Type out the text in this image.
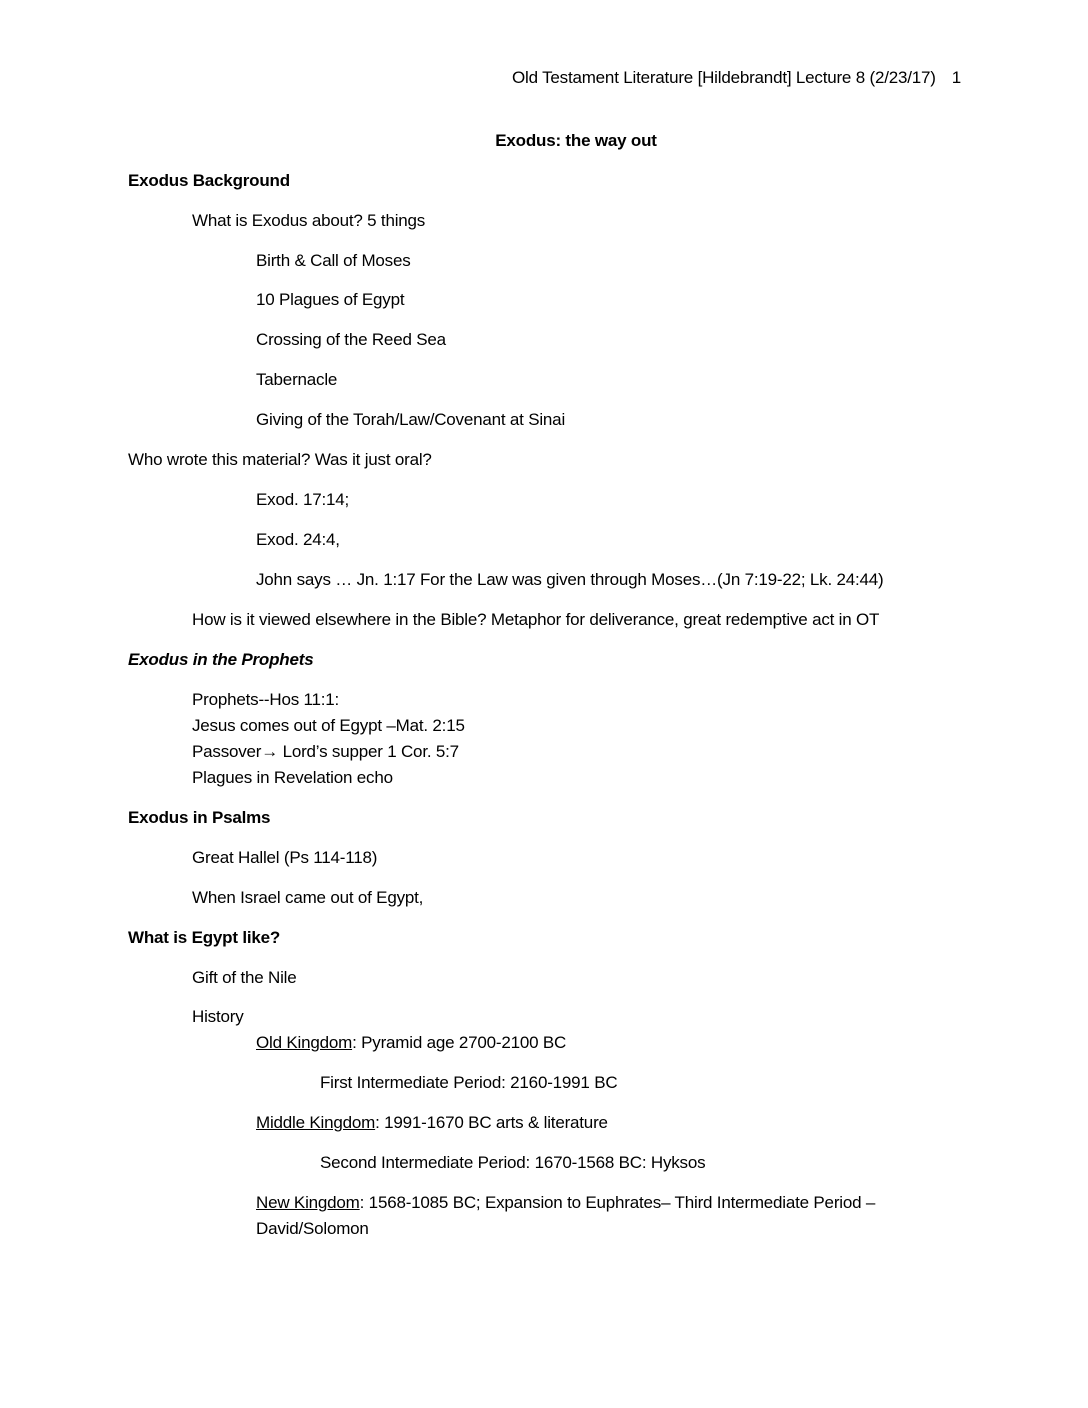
Old Testament Literature [Hildebrandt] Lecture 8 (2/23/17) 1
Exodus: the way out
Exodus Background
What is Exodus about? 5 things
Birth & Call of Moses
10 Plagues of Egypt
Crossing of the Reed Sea
Tabernacle
Giving of the Torah/Law/Covenant at Sinai
Who wrote this material? Was it just oral?
Exod. 17:14;
Exod. 24:4,
John says … Jn. 1:17 For the Law was given through Moses…(Jn 7:19-22; Lk. 24:44)
How is it viewed elsewhere in the Bible? Metaphor for deliverance, great redemptive act in OT
Exodus in the Prophets
Prophets--Hos 11:1:
Jesus comes out of Egypt –Mat. 2:15
Passover→ Lord’s supper 1 Cor. 5:7
Plagues in Revelation echo
Exodus in Psalms
Great Hallel (Ps 114-118)
When Israel came out of Egypt,
What is Egypt like?
Gift of the Nile
History
Old Kingdom: Pyramid age 2700-2100 BC
First Intermediate Period: 2160-1991 BC
Middle Kingdom: 1991-1670 BC arts & literature
Second Intermediate Period: 1670-1568 BC: Hyksos
New Kingdom: 1568-1085 BC; Expansion to Euphrates– Third Intermediate Period –
David/Solomon
